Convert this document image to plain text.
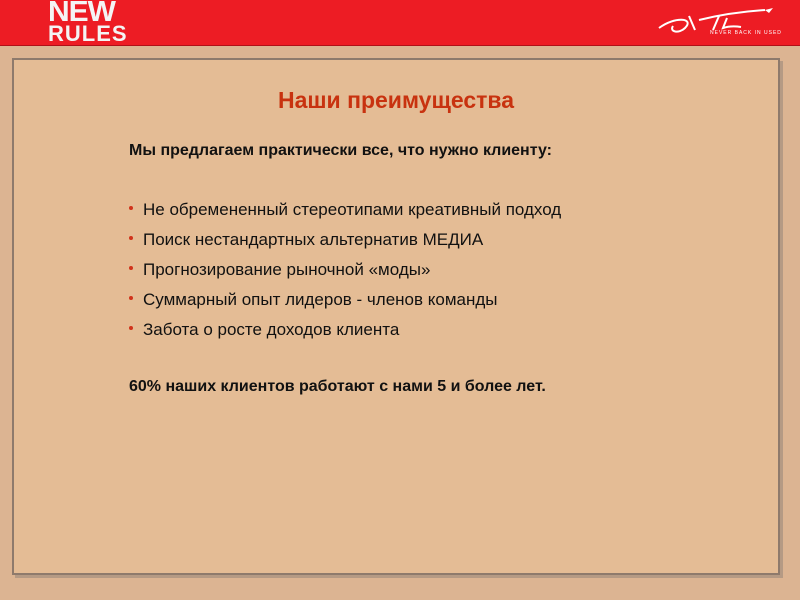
NEW
RULES	NEVER BACK IN USED
Наши преимущества
Мы предлагаем практически все, что нужно клиенту:
Не обремененный стереотипами креативный подход
Поиск нестандартных альтернатив МЕДИА
Прогнозирование рыночной «моды»
Суммарный опыт лидеров - членов команды
Забота о росте доходов клиента
60% наших клиентов работают с нами 5 и более лет.
